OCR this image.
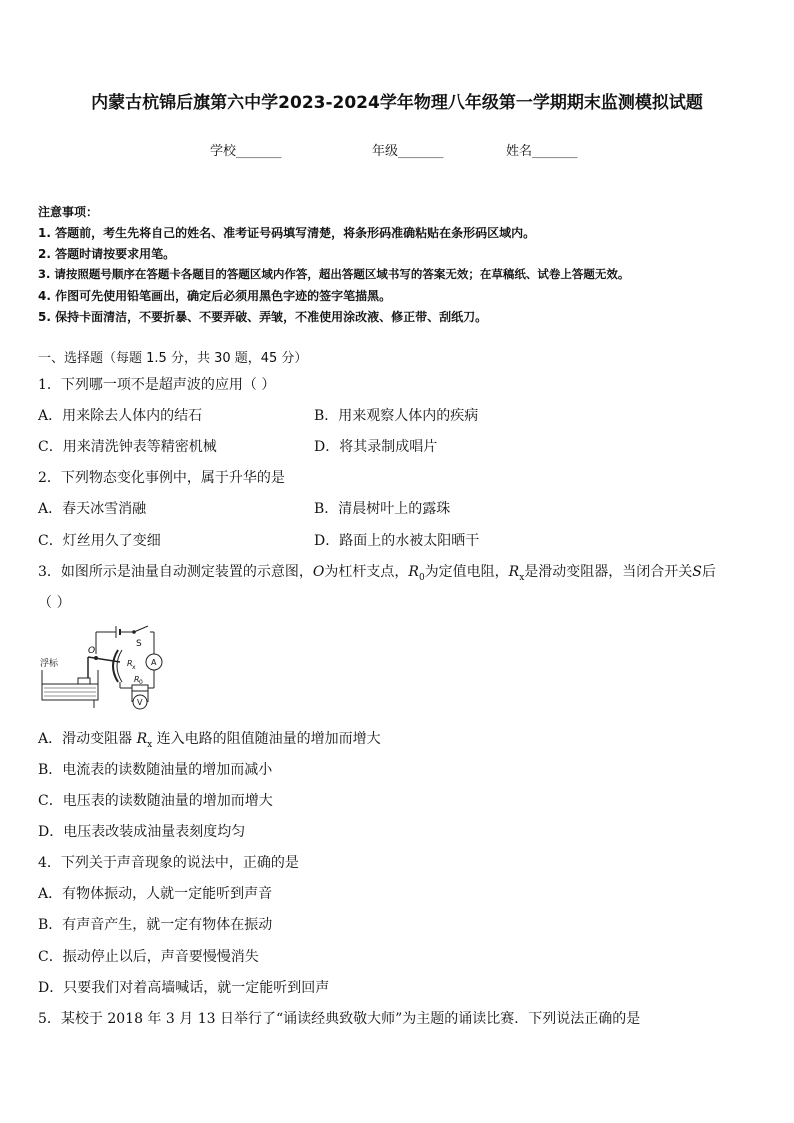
内蒙古杭锦后旗第六中学2023-2024学年物理八年级第一学期期末监测模拟试题
学校_______	年级_______	姓名_______
注意事项：
1. 答题前，考生先将自己的姓名、准考证号码填写清楚，将条形码准确粘贴在条形码区域内。
2. 答题时请按要求用笔。
3. 请按照题号顺序在答题卡各题目的答题区域内作答，超出答题区域书写的答案无效；在草稿纸、试卷上答题无效。
4. 作图可先使用铅笔画出，确定后必须用黑色字迹的签字笔描黑。
5. 保持卡面清洁，不要折暴、不要弄破、弄皱，不准使用涂改液、修正带、刮纸刀。
一、选择题（每题 1.5 分，共 30 题，45 分）
1．下列哪一项不是超声波的应用（ ）
A．用来除去人体内的结石	B．用来观察人体内的疾病
C．用来清洗钟表等精密机械	D．将其录制成唱片
2．下列物态变化事例中，属于升华的是
A．春天冰雪消融	B．清晨树叶上的露珠
C．灯丝用久了变细	D．路面上的水被太阳晒干
3．如图所示是油量自动测定装置的示意图，O为杠杆支点，$R_0$为定值电阻，$R_x$是滑动变阻器，当闭合开关S后
（ ）
浮标
O
S
R x
R 0
A
V
A．滑动变阻器 $R_x$ 连入电路的阻值随油量的增加而增大
B．电流表的读数随油量的增加而减小
C．电压表的读数随油量的增加而增大
D．电压表改装成油量表刻度均匀
4．下列关于声音现象的说法中，正确的是
A．有物体振动，人就一定能听到声音
B．有声音产生，就一定有物体在振动
C．振动停止以后，声音要慢慢消失
D．只要我们对着高墙喊话，就一定能听到回声
5．某校于 2018 年 3 月 13 日举行了“诵读经典致敬大师”为主题的诵读比赛．下列说法正确的是
